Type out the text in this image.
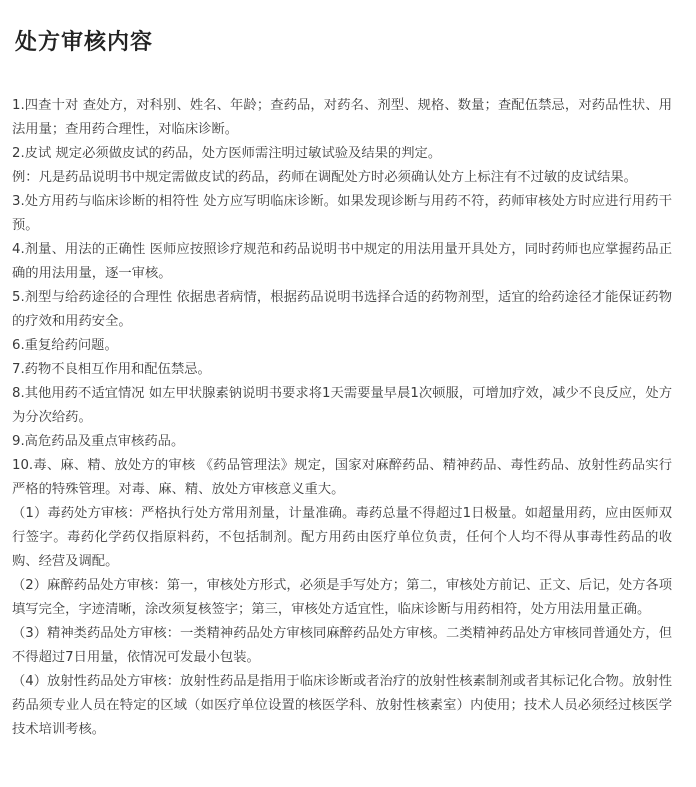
处方审核内容

1.四查十对 查处方，对科别、姓名、年龄；查药品，对药名、剂型、规格、数量；查配伍禁忌，对药品性状、用法用量；查用药合理性，对临床诊断。

2.皮试 规定必须做皮试的药品，处方医师需注明过敏试验及结果的判定。

例：凡是药品说明书中规定需做皮试的药品，药师在调配处方时必须确认处方上标注有不过敏的皮试结果。

3.处方用药与临床诊断的相符性 处方应写明临床诊断。如果发现诊断与用药不符，药师审核处方时应进行用药干预。

4.剂量、用法的正确性 医师应按照诊疗规范和药品说明书中规定的用法用量开具处方，同时药师也应掌握药品正确的用法用量，逐一审核。

5.剂型与给药途径的合理性 依据患者病情，根据药品说明书选择合适的药物剂型，适宜的给药途径才能保证药物的疗效和用药安全。

6.重复给药问题。

7.药物不良相互作用和配伍禁忌。

8.其他用药不适宜情况 如左甲状腺素钠说明书要求将1天需要量早晨1次顿服，可增加疗效，减少不良反应，处方为分次给药。

9.高危药品及重点审核药品。

10.毒、麻、精、放处方的审核 《药品管理法》规定，国家对麻醉药品、精神药品、毒性药品、放射性药品实行严格的特殊管理。对毒、麻、精、放处方审核意义重大。

（1）毒药处方审核：严格执行处方常用剂量，计量准确。毒药总量不得超过1日极量。如超量用药，应由医师双行签字。毒药化学药仅指原料药，不包括制剂。配方用药由医疗单位负责，任何个人均不得从事毒性药品的收购、经营及调配。

（2）麻醉药品处方审核：第一，审核处方形式，必须是手写处方；第二，审核处方前记、正文、后记，处方各项填写完全，字迹清晰，涂改须复核签字；第三，审核处方适宜性，临床诊断与用药相符，处方用法用量正确。

（3）精神类药品处方审核：一类精神药品处方审核同麻醉药品处方审核。二类精神药品处方审核同普通处方，但不得超过7日用量，依情况可发最小包装。

（4）放射性药品处方审核：放射性药品是指用于临床诊断或者治疗的放射性核素制剂或者其标记化合物。放射性药品须专业人员在特定的区域（如医疗单位设置的核医学科、放射性核素室）内使用；技术人员必须经过核医学技术培训考核。
